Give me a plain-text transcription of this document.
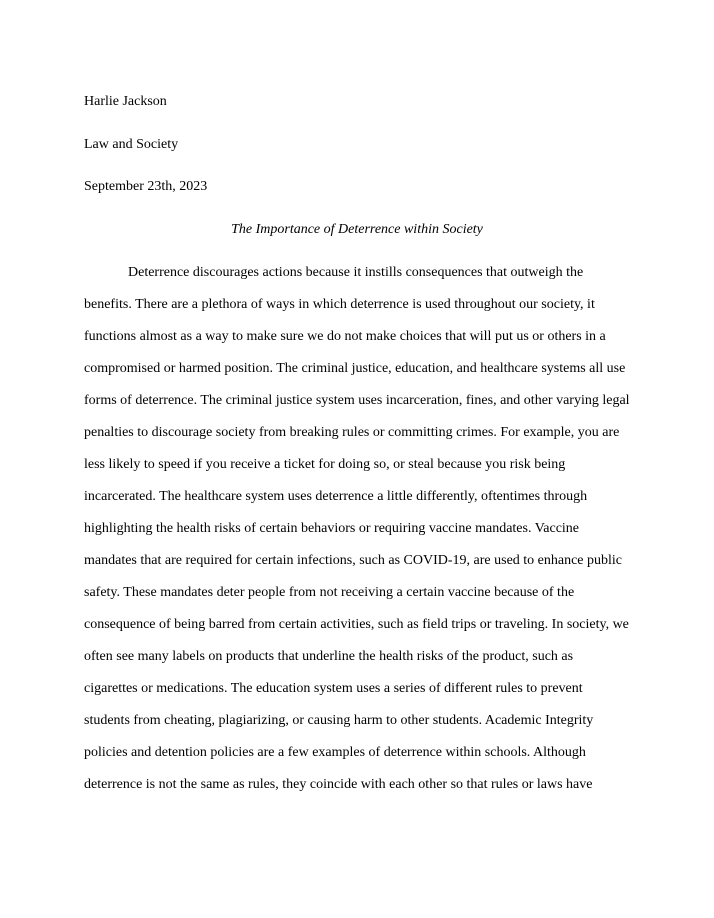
Harlie Jackson
Law and Society
September 23th, 2023
The Importance of Deterrence within Society
Deterrence discourages actions because it instills consequences that outweigh the
benefits. There are a plethora of ways in which deterrence is used throughout our society, it
functions almost as a way to make sure we do not make choices that will put us or others in a
compromised or harmed position. The criminal justice, education, and healthcare systems all use
forms of deterrence. The criminal justice system uses incarceration, fines, and other varying legal
penalties to discourage society from breaking rules or committing crimes. For example, you are
less likely to speed if you receive a ticket for doing so, or steal because you risk being
incarcerated. The healthcare system uses deterrence a little differently, oftentimes through
highlighting the health risks of certain behaviors or requiring vaccine mandates. Vaccine
mandates that are required for certain infections, such as COVID-19, are used to enhance public
safety. These mandates deter people from not receiving a certain vaccine because of the
consequence of being barred from certain activities, such as field trips or traveling. In society, we
often see many labels on products that underline the health risks of the product, such as
cigarettes or medications. The education system uses a series of different rules to prevent
students from cheating, plagiarizing, or causing harm to other students. Academic Integrity
policies and detention policies are a few examples of deterrence within schools. Although
deterrence is not the same as rules, they coincide with each other so that rules or laws have
